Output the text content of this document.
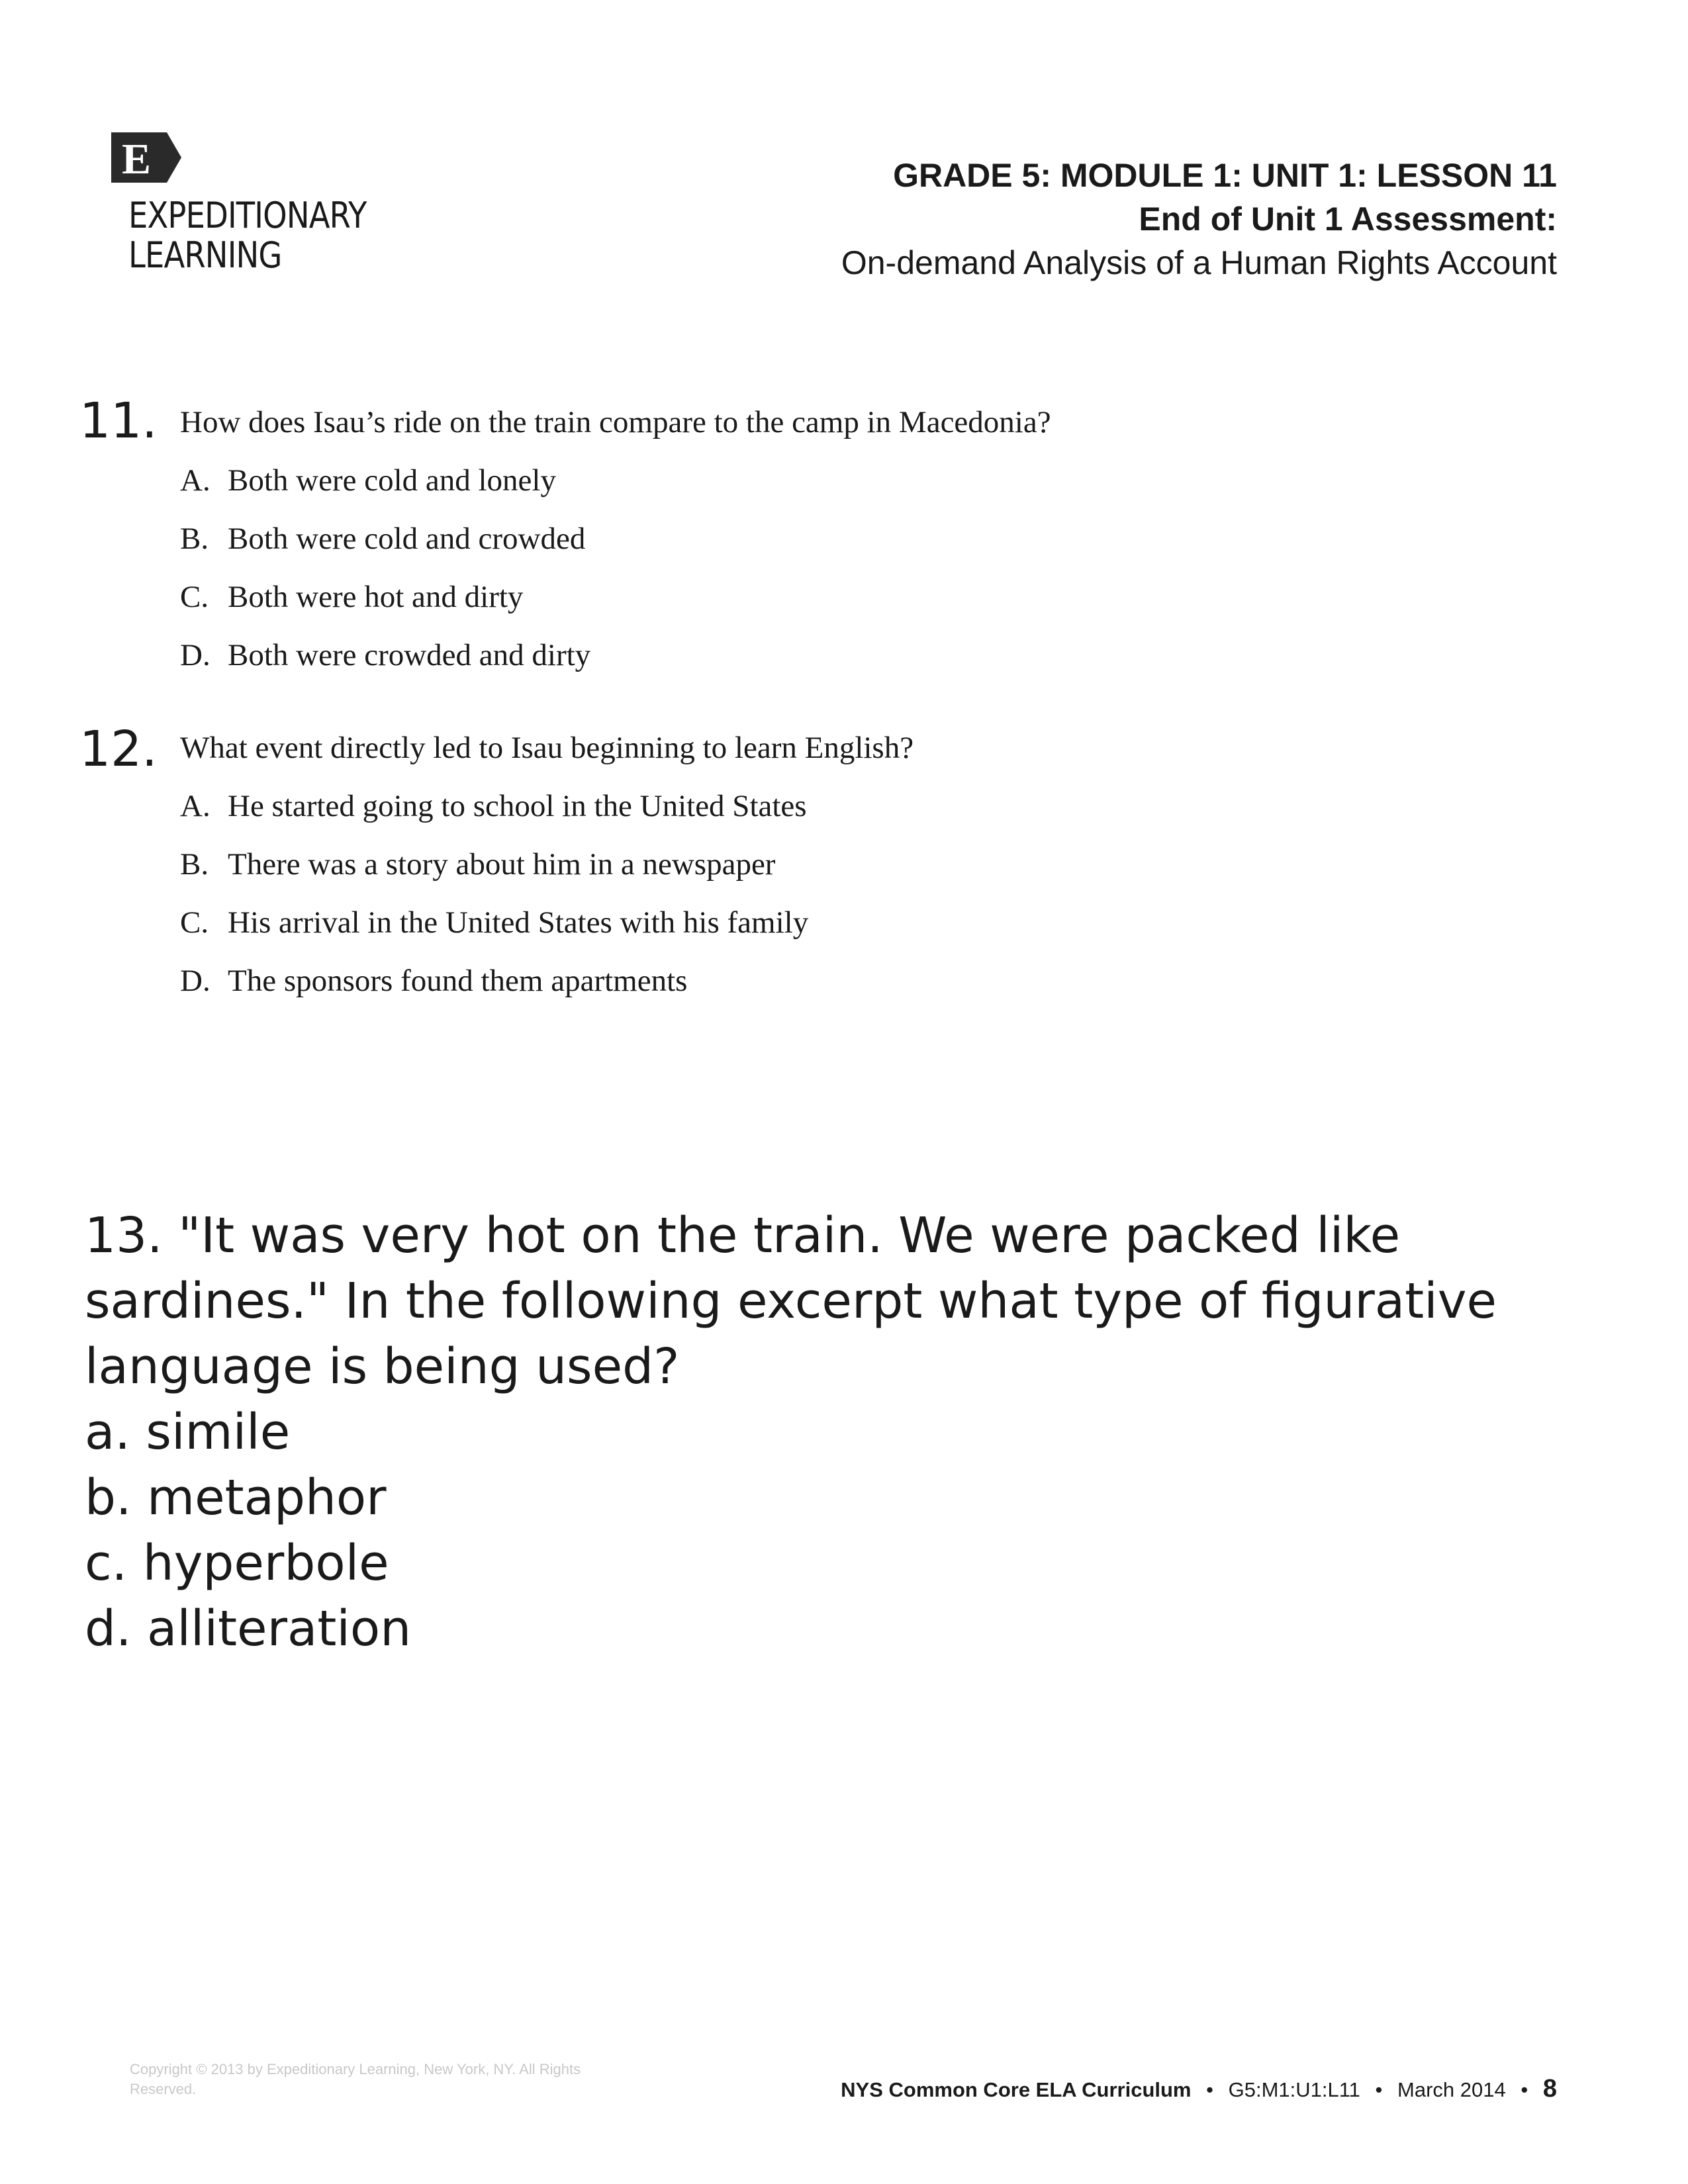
E
EXPEDITIONARY
LEARNING
GRADE 5: MODULE 1: UNIT 1: LESSON 11
End of Unit 1 Assessment:
On-demand Analysis of a Human Rights Account
11. How does Isau’s ride on the train compare to the camp in Macedonia?
A. Both were cold and lonely
B. Both were cold and crowded
C. Both were hot and dirty
D. Both were crowded and dirty
12. What event directly led to Isau beginning to learn English?
A. He started going to school in the United States
B. There was a story about him in a newspaper
C. His arrival in the United States with his family
D. The sponsors found them apartments
13. "It was very hot on the train. We were packed like
sardines." In the following excerpt what type of figurative
language is being used?
a. simile
b. metaphor
c. hyperbole
d. alliteration
Copyright © 2013 by Expeditionary Learning, New York, NY. All Rights Reserved.	NYS Common Core ELA Curriculum • G5:M1:U1:L11 • March 2014 • 8
